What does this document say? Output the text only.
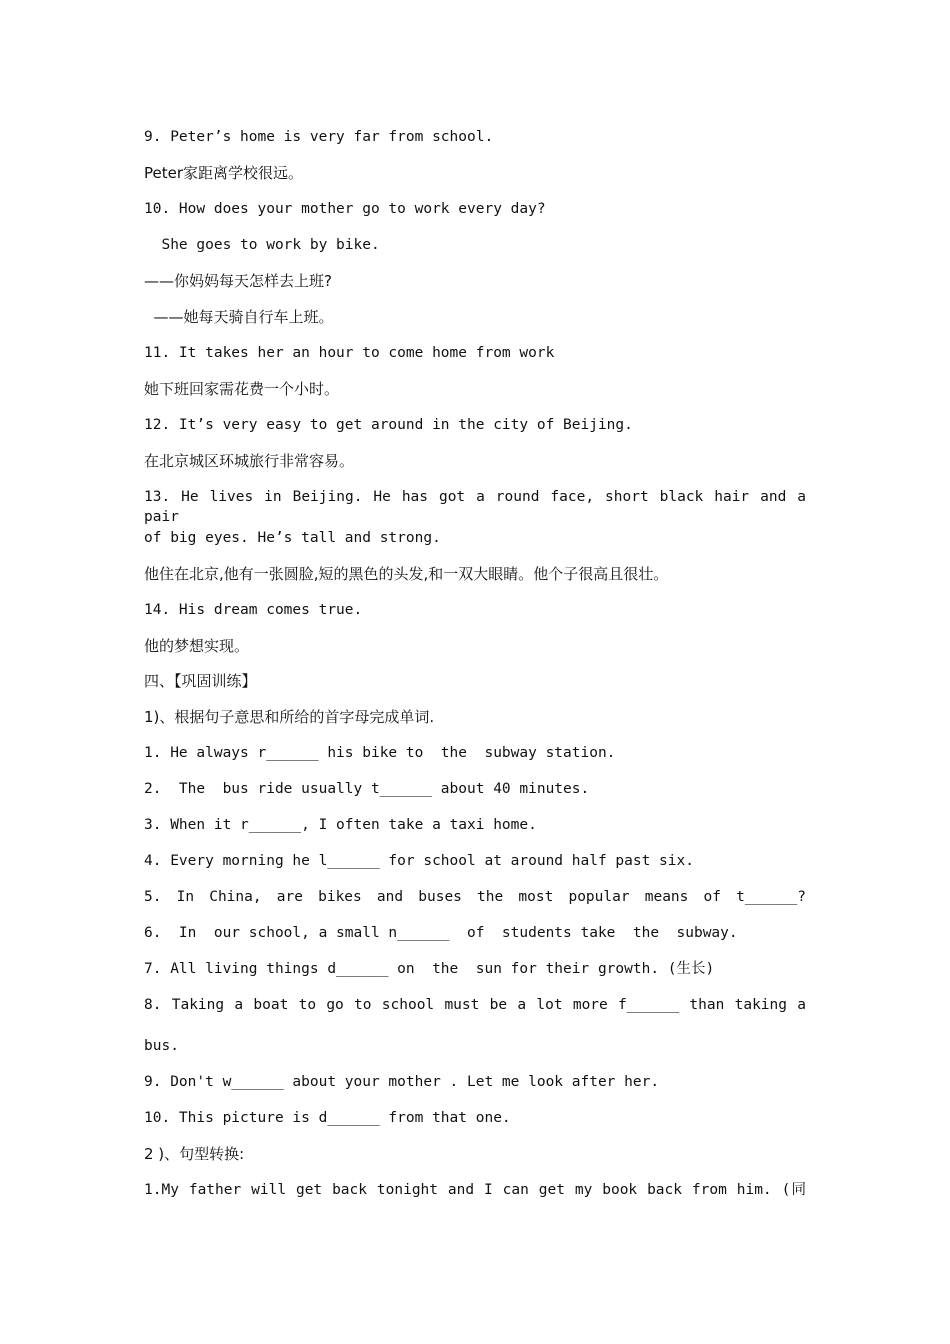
9. Peter’s home is very far from school.
Peter家距离学校很远。
10. How does your mother go to work every day?
She goes to work by bike.
——你妈妈每天怎样去上班?
——她每天骑自行车上班。
11. It takes her an hour to come home from work
她下班回家需花费一个小时。
12. It’s very easy to get around in the city of Beijing.
在北京城区环城旅行非常容易。
13. He lives in Beijing. He has got a round face, short black hair and a pair
of big eyes. He’s tall and strong.
他住在北京,他有一张圆脸,短的黑色的头发,和一双大眼睛。他个子很高且很壮。
14. His dream comes true.
他的梦想实现。
四、【巩固训练】
1)、根据句子意思和所给的首字母完成单词.
1. He always r______ his bike to  the  subway station.
2.  The  bus ride usually t______ about 40 minutes.
3. When it r______, I often take a taxi home.
4. Every morning he l______ for school at around half past six.
5. In China, are bikes and buses the most popular means of t______?
6.  In  our school, a small n______  of  students take  the  subway.
7. All living things d______ on  the  sun for their growth. (生长)
8. Taking a boat to go to school must be a lot more f______ than taking a
bus.
9. Don't w______ about your mother . Let me look after her.
10. This picture is d______ from that one.
2 )、句型转换:
1.My father will get back tonight and I can get my book back from him. (同
